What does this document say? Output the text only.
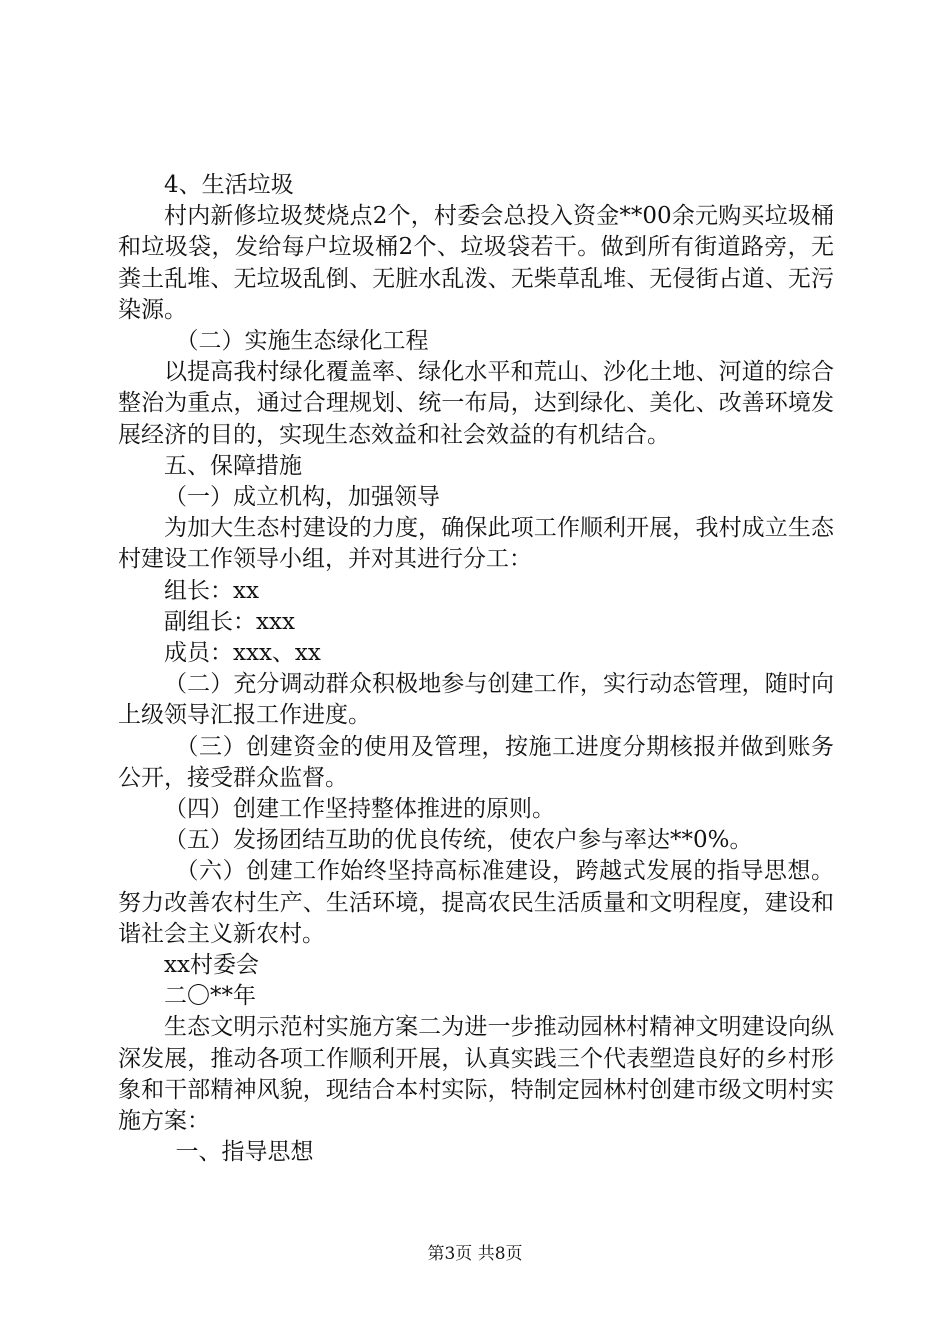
4、生活垃圾

村内新修垃圾焚烧点2个，村委会总投入资金**00余元购买垃圾桶和垃圾袋，发给每户垃圾桶2个、垃圾袋若干。做到所有街道路旁，无粪土乱堆、无垃圾乱倒、无脏水乱泼、无柴草乱堆、无侵街占道、无污染源。

（二）实施生态绿化工程

以提高我村绿化覆盖率、绿化水平和荒山、沙化土地、河道的综合整治为重点，通过合理规划、统一布局，达到绿化、美化、改善环境发展经济的目的，实现生态效益和社会效益的有机结合。

五、保障措施

（一）成立机构，加强领导

为加大生态村建设的力度，确保此项工作顺利开展，我村成立生态村建设工作领导小组，并对其进行分工：

组长：xx

副组长：xxx

成员：xxx、xx

（二）充分调动群众积极地参与创建工作，实行动态管理，随时向上级领导汇报工作进度。

（三）创建资金的使用及管理，按施工进度分期核报并做到账务公开，接受群众监督。

（四）创建工作坚持整体推进的原则。

（五）发扬团结互助的优良传统，使农户参与率达**0%。

（六）创建工作始终坚持高标准建设，跨越式发展的指导思想。努力改善农村生产、生活环境，提高农民生活质量和文明程度，建设和谐社会主义新农村。

xx村委会

二〇**年

生态文明示范村实施方案二为进一步推动园林村精神文明建设向纵深发展，推动各项工作顺利开展，认真实践三个代表塑造良好的乡村形象和干部精神风貌，现结合本村实际，特制定园林村创建市级文明村实施方案：

一、指导思想

第3页 共8页
